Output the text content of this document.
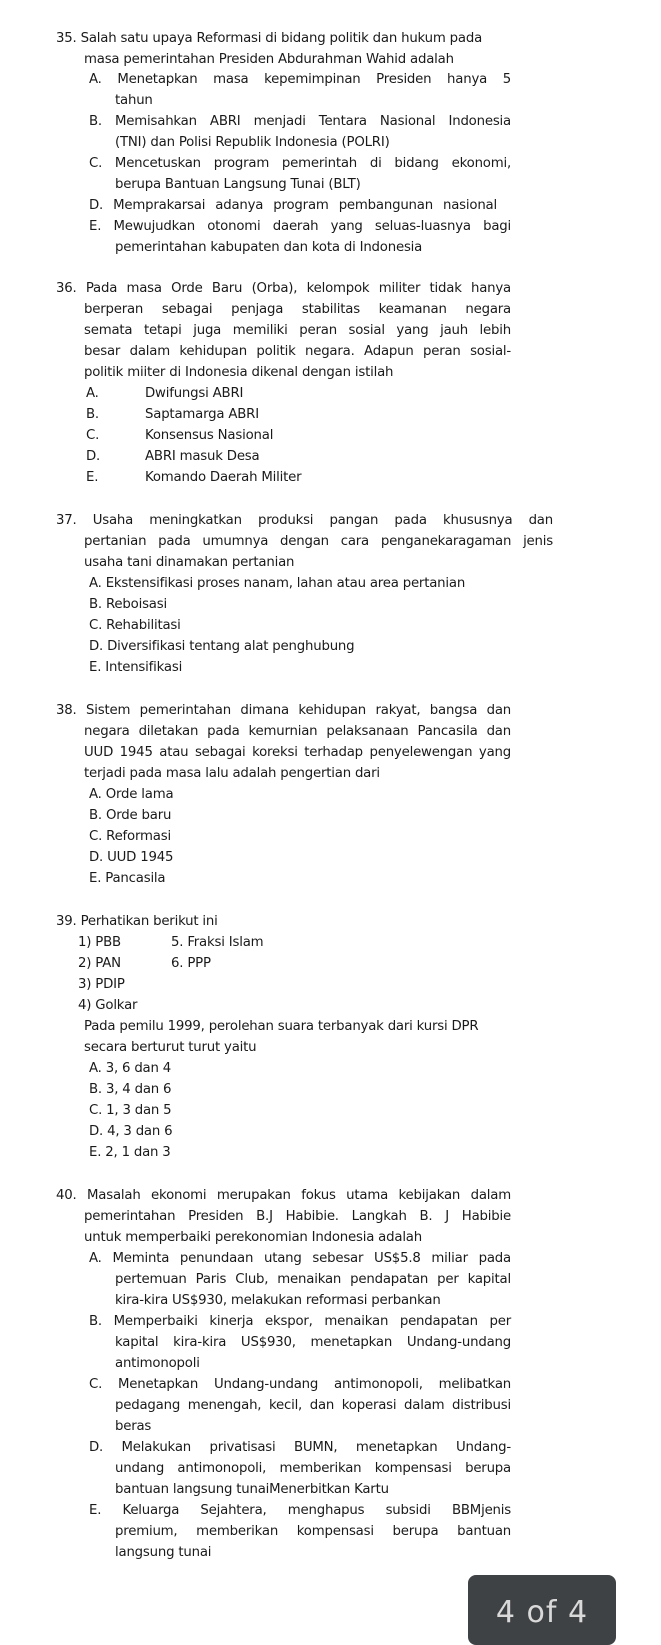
35. Salah satu upaya Reformasi di bidang politik dan hukum pada
masa pemerintahan Presiden Abdurahman Wahid adalah
A. Menetapkan masa kepemimpinan Presiden hanya 5
tahun
B. Memisahkan ABRI menjadi Tentara Nasional Indonesia
(TNI) dan Polisi Republik Indonesia (POLRI)
C. Mencetuskan program pemerintah di bidang ekonomi,
berupa Bantuan Langsung Tunai (BLT)
D. Memprakarsai adanya program pembangunan nasional
E. Mewujudkan otonomi daerah yang seluas-luasnya bagi
pemerintahan kabupaten dan kota di Indonesia
36. Pada masa Orde Baru (Orba), kelompok militer tidak hanya
berperan sebagai penjaga stabilitas keamanan negara
semata tetapi juga memiliki peran sosial yang jauh lebih
besar dalam kehidupan politik negara. Adapun peran sosial-
politik miiter di Indonesia dikenal dengan istilah
A.	Dwifungsi ABRI
B.	Saptamarga ABRI
C.	Konsensus Nasional
D.	ABRI masuk Desa
E.	Komando Daerah Militer
37. Usaha meningkatkan produksi pangan pada khususnya dan
pertanian pada umumnya dengan cara penganekaragaman jenis
usaha tani dinamakan pertanian
A. Ekstensifikasi proses nanam, lahan atau area pertanian
B. Reboisasi
C. Rehabilitasi
D. Diversifikasi tentang alat penghubung
E. Intensifikasi
38. Sistem pemerintahan dimana kehidupan rakyat, bangsa dan
negara diletakan pada kemurnian pelaksanaan Pancasila dan
UUD 1945 atau sebagai koreksi terhadap penyelewengan yang
terjadi pada masa lalu adalah pengertian dari
A. Orde lama
B. Orde baru
C. Reformasi
D. UUD 1945
E. Pancasila
39. Perhatikan berikut ini
1) PBB	5. Fraksi Islam
2) PAN	6. PPP
3) PDIP
4) Golkar
Pada pemilu 1999, perolehan suara terbanyak dari kursi DPR
secara berturut turut yaitu
A. 3, 6 dan 4
B. 3, 4 dan 6
C. 1, 3 dan 5
D. 4, 3 dan 6
E. 2, 1 dan 3
40. Masalah ekonomi merupakan fokus utama kebijakan dalam
pemerintahan Presiden B.J Habibie. Langkah B. J Habibie
untuk memperbaiki perekonomian Indonesia adalah
A. Meminta penundaan utang sebesar US$5.8 miliar pada
pertemuan Paris Club, menaikan pendapatan per kapital
kira-kira US$930, melakukan reformasi perbankan
B. Memperbaiki kinerja ekspor, menaikan pendapatan per
kapital kira-kira US$930, menetapkan Undang-undang
antimonopoli
C. Menetapkan Undang-undang antimonopoli, melibatkan
pedagang menengah, kecil, dan koperasi dalam distribusi
beras
D. Melakukan privatisasi BUMN, menetapkan Undang-
undang antimonopoli, memberikan kompensasi berupa
bantuan langsung tunaiMenerbitkan Kartu
E. Keluarga Sejahtera, menghapus subsidi BBMjenis
premium, memberikan kompensasi berupa bantuan
langsung tunai
4 of 4
